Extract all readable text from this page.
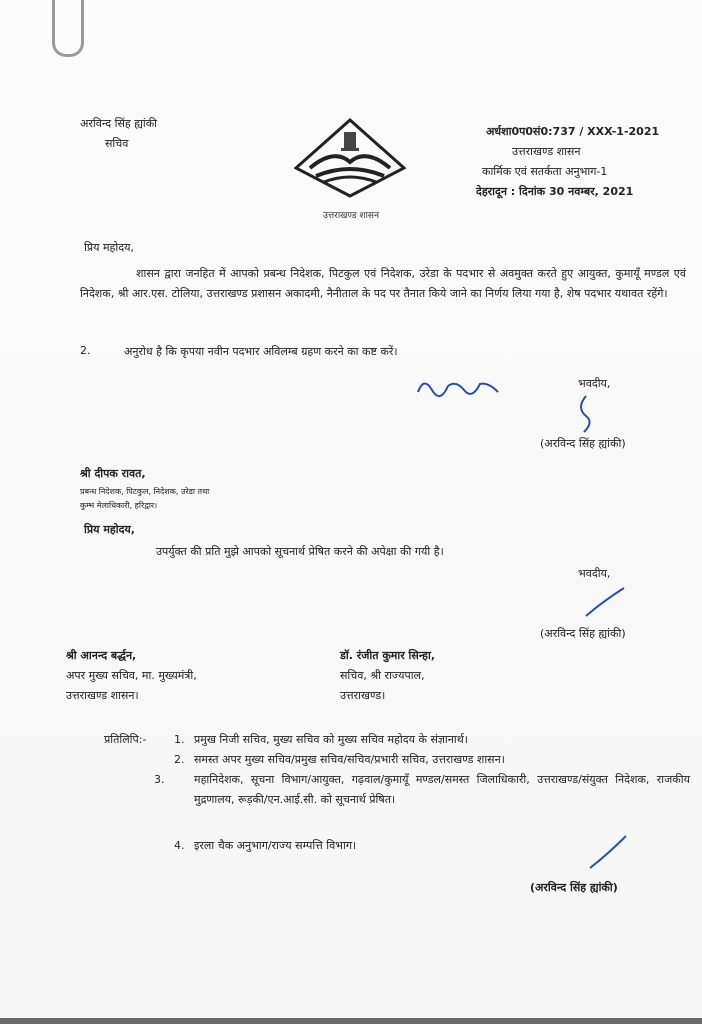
अरविन्द सिंह ह्यांकी
सचिव
उत्तराखण्ड शासन
अर्धशा0प0सं0:737 / XXX-1-2021
उत्तराखण्ड शासन
कार्मिक एवं सतर्कता अनुभाग-1
देहरादून : दिनांक 30 नवम्बर, 2021
प्रिय महोदय,
शासन द्वारा जनहित में आपको प्रबन्ध निदेशक, पिटकुल एवं निदेशक, उरेडा के पदभार से अवमुक्त करते हुए आयुक्त, कुमायूँ मण्डल एवं निदेशक, श्री आर.एस. टोलिया, उत्तराखण्ड प्रशासन अकादमी, नैनीताल के पद पर तैनात किये जाने का निर्णय लिया गया है, शेष पदभार यथावत रहेंगे।
2.	अनुरोध है कि कृपया नवीन पदभार अविलम्ब ग्रहण करने का कष्ट करें।
भवदीय,
(अरविन्द सिंह ह्यांकी)
श्री दीपक रावत,
प्रबन्ध निदेशक, पिटकुल, निदेशक, उरेडा तथा
कुम्भ मेलाधिकारी, हरिद्वार।
प्रिय महोदय,
उपर्युक्त की प्रति मुझे आपको सूचनार्थ प्रेषित करने की अपेक्षा की गयी है।
भवदीय,
(अरविन्द सिंह ह्यांकी)
श्री आनन्द बर्द्धन,
अपर मुख्य सचिव, मा. मुख्यमंत्री,
उत्तराखण्ड शासन।
डॉ. रंजीत कुमार सिन्हा,
सचिव, श्री राज्यपाल,
उत्तराखण्ड।
प्रतिलिपि:-	1. प्रमुख निजी सचिव, मुख्य सचिव को मुख्य सचिव महोदय के संज्ञानार्थ।
2. समस्त अपर मुख्य सचिव/प्रमुख सचिव/सचिव/प्रभारी सचिव, उत्तराखण्ड शासन।
3.	महानिदेशक, सूचना विभाग/आयुक्त, गढ़वाल/कुमायूँ मण्डल/समस्त जिलाधिकारी, उत्तराखण्ड/संयुक्त निदेशक, राजकीय मुद्रणालय, रूड़की/एन.आई.सी. को सूचनार्थ प्रेषित।
4. इरला चैक अनुभाग/राज्य सम्पत्ति विभाग।
(अरविन्द सिंह ह्यांकी)
